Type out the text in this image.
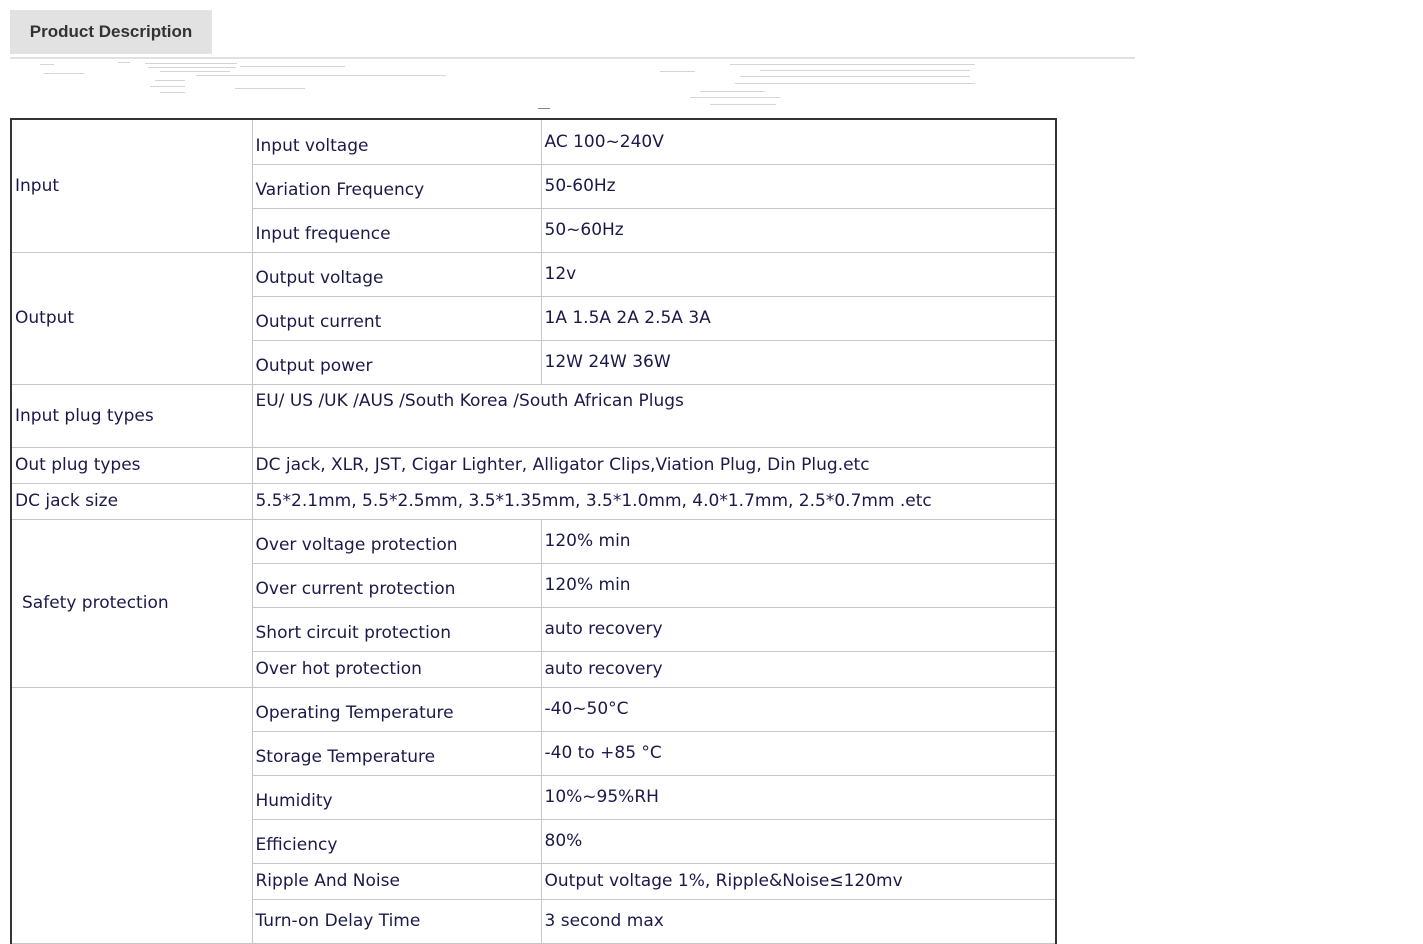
Product Description
Input	Input voltage	AC 100~240V
	Variation Frequency	50-60Hz
	Input frequence	50~60Hz
Output	Output voltage	12v
	Output current	1A 1.5A 2A 2.5A 3A
	Output power	12W 24W 36W
Input plug types	EU/ US /UK /AUS /South Korea /South African Plugs	
Out plug types	DC jack, XLR, JST, Cigar Lighter, Alligator Clips,Viation Plug, Din Plug.etc	
DC jack size	5.5*2.1mm, 5.5*2.5mm, 3.5*1.35mm, 3.5*1.0mm, 4.0*1.7mm, 2.5*0.7mm .etc	
Safety protection	Over voltage protection	120% min
	Over current protection	120% min
	Short circuit protection	auto recovery
	Over hot protection	auto recovery
	Operating Temperature	-40~50°C
	Storage Temperature	-40 to +85 °C
	Humidity	10%~95%RH
	Efficiency	80%
	Ripple And Noise	Output voltage 1%, Ripple&Noise≤120mv
	Turn-on Delay Time	3 second max
